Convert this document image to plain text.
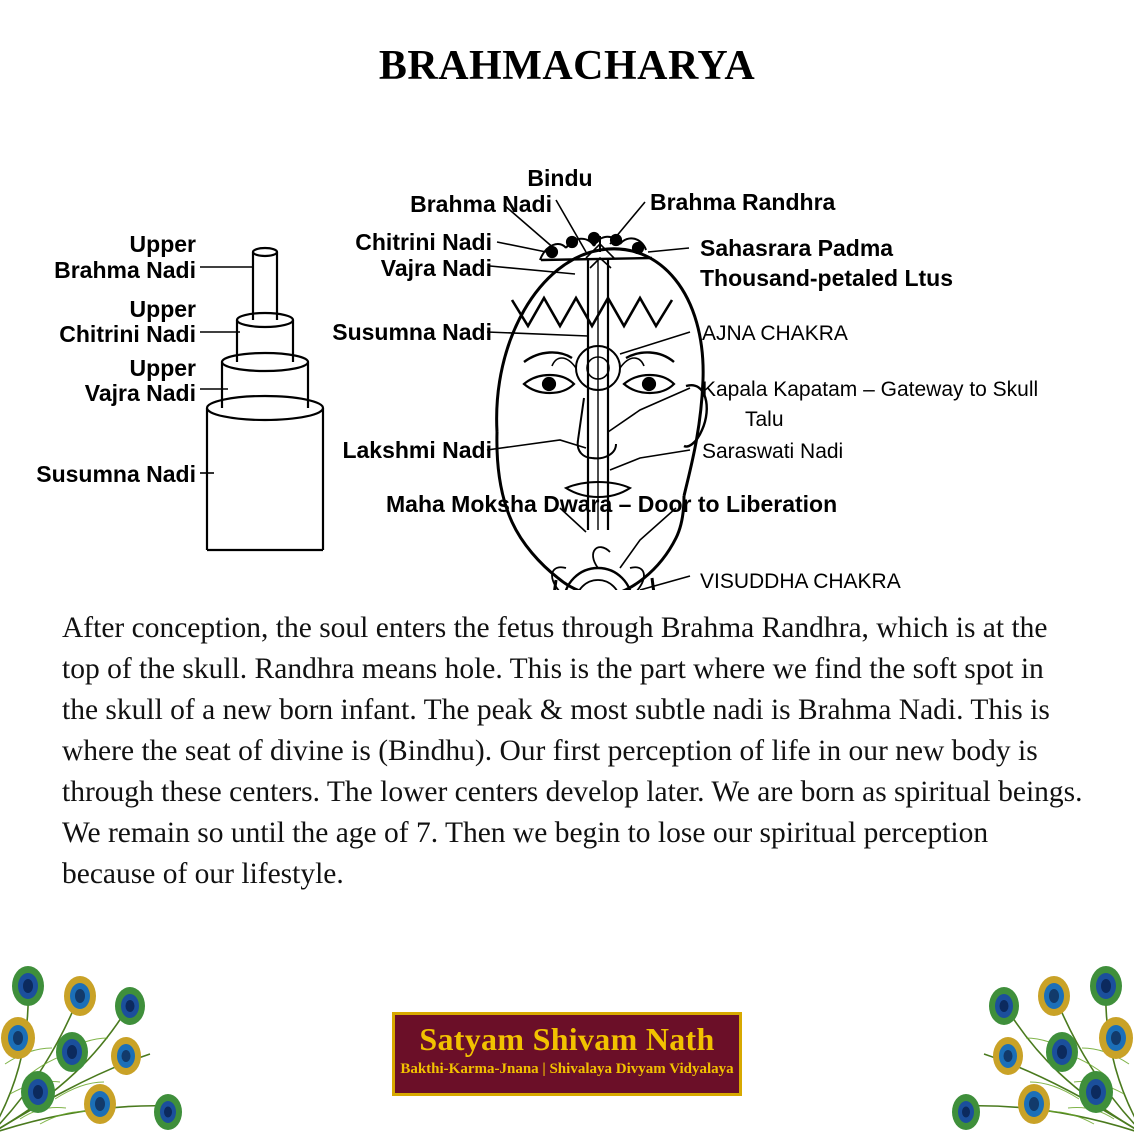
BRAHMACHARYA
Upper
Brahma Nadi
Upper
Chitrini Nadi
Upper
Vajra Nadi
Susumna Nadi
Bindu
Brahma Nadi	Brahma Randhra
Chitrini Nadi
Vajra Nadi
Sahasrara Padma
Thousand-petaled Ltus
Susumna Nadi	AJNA CHAKRA
Kapala Kapatam – Gateway to Skull
Talu
Lakshmi Nadi	Saraswati Nadi
Maha Moksha Dwara – Door to Liberation
VISUDDHA CHAKRA
After conception, the soul enters the fetus through Brahma Randhra, which is at the top of the skull. Randhra means hole. This is the part where we find the soft spot in the skull of a new born infant. The peak & most subtle nadi is Brahma Nadi. This is where the seat of divine is (Bindhu). Our first perception of life in our new body is through these centers. The lower centers develop later. We are born as spiritual beings. We remain so until the age of 7. Then we begin to lose our spiritual perception because of our lifestyle.
Satyam Shivam Nath
Bakthi-Karma-Jnana | Shivalaya Divyam Vidyalaya
